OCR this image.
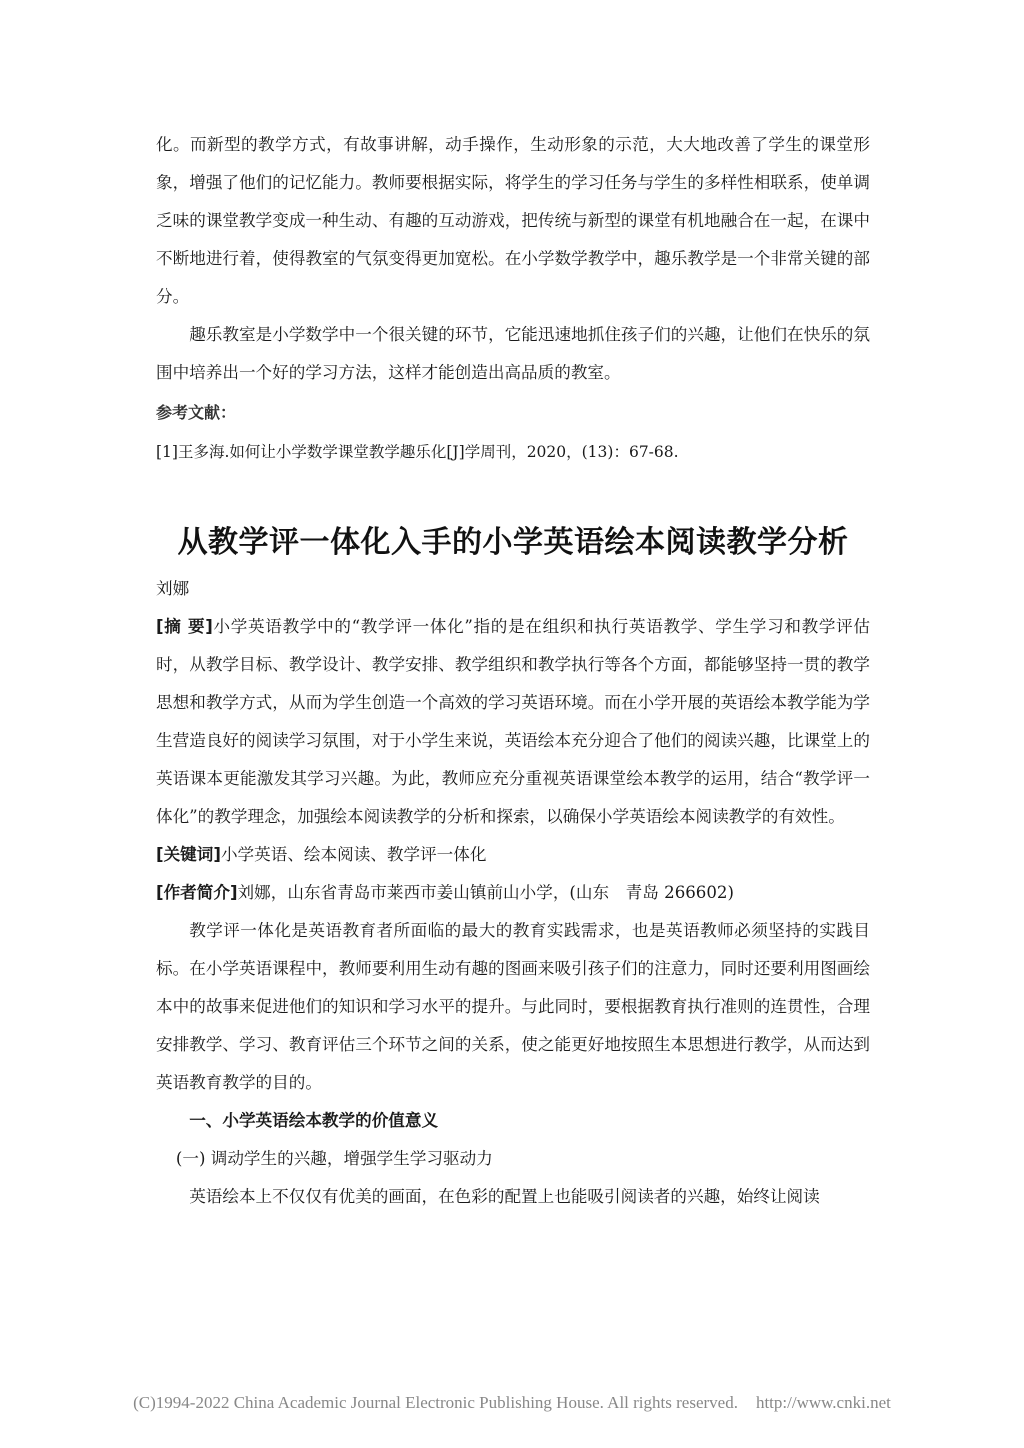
化。而新型的教学方式，有故事讲解，动手操作，生动形象的示范，大大地改善了学生的课堂形象，增强了他们的记忆能力。教师要根据实际，将学生的学习任务与学生的多样性相联系，使单调乏味的课堂教学变成一种生动、有趣的互动游戏，把传统与新型的课堂有机地融合在一起，在课中不断地进行着，使得教室的气氛变得更加宽松。在小学数学教学中，趣乐教学是一个非常关键的部分。

趣乐教室是小学数学中一个很关键的环节，它能迅速地抓住孩子们的兴趣，让他们在快乐的氛围中培养出一个好的学习方法，这样才能创造出高品质的教室。

参考文献：

[1]王多海.如何让小学数学课堂教学趣乐化[J]学周刊，2020，(13)：67-68.

从教学评一体化入手的小学英语绘本阅读教学分析

刘娜

[摘 要]小学英语教学中的“教学评一体化”指的是在组织和执行英语教学、学生学习和教学评估时，从教学目标、教学设计、教学安排、教学组织和教学执行等各个方面，都能够坚持一贯的教学思想和教学方式，从而为学生创造一个高效的学习英语环境。而在小学开展的英语绘本教学能为学生营造良好的阅读学习氛围，对于小学生来说，英语绘本充分迎合了他们的阅读兴趣，比课堂上的英语课本更能激发其学习兴趣。为此，教师应充分重视英语课堂绘本教学的运用，结合“教学评一体化”的教学理念，加强绘本阅读教学的分析和探索，以确保小学英语绘本阅读教学的有效性。

[关键词]小学英语、绘本阅读、教学评一体化

[作者简介]刘娜，山东省青岛市莱西市姜山镇前山小学，(山东　青岛 266602)

教学评一体化是英语教育者所面临的最大的教育实践需求，也是英语教师必须坚持的实践目标。在小学英语课程中，教师要利用生动有趣的图画来吸引孩子们的注意力，同时还要利用图画绘本中的故事来促进他们的知识和学习水平的提升。与此同时，要根据教育执行准则的连贯性，合理安排教学、学习、教育评估三个环节之间的关系，使之能更好地按照生本思想进行教学，从而达到英语教育教学的目的。

一、小学英语绘本教学的价值意义

(一) 调动学生的兴趣，增强学生学习驱动力

英语绘本上不仅仅有优美的画面，在色彩的配置上也能吸引阅读者的兴趣，始终让阅读

(C)1994-2022 China Academic Journal Electronic Publishing House. All rights reserved. http://www.cnki.net
